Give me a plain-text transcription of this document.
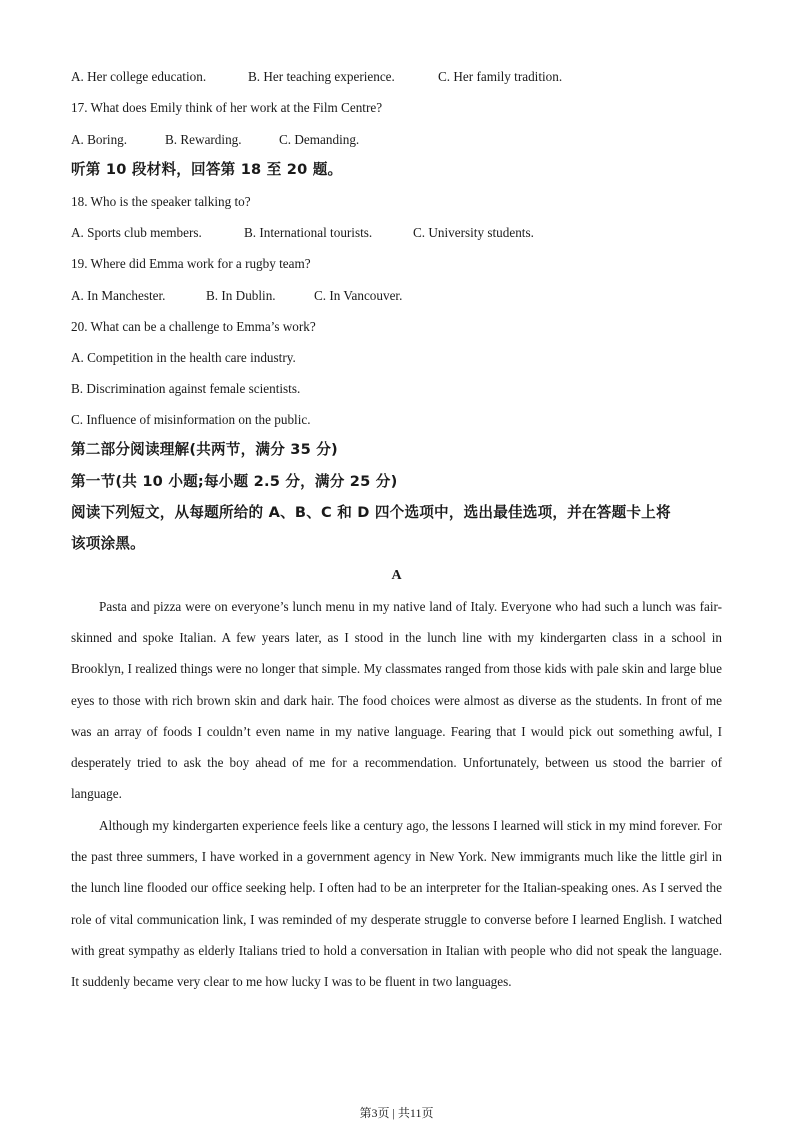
A. Her college education.	B. Her teaching experience.	C. Her family tradition.
17. What does Emily think of her work at the Film Centre?
A. Boring.	B. Rewarding.	C. Demanding.
听第 10 段材料，回答第 18 至 20 题。
18. Who is the speaker talking to?
A. Sports club members.	B. International tourists.	C. University students.
19. Where did Emma work for a rugby team?
A. In Manchester.	B. In Dublin.	C. In Vancouver.
20. What can be a challenge to Emma’s work?
A. Competition in the health care industry.
B. Discrimination against female scientists.
C. Influence of misinformation on the public.
第二部分阅读理解(共两节，满分 35 分)
第一节(共 10 小题;每小题 2.5 分，满分 25 分)
阅读下列短文，从每题所给的 A、B、C 和 D 四个选项中，选出最佳选项，并在答题卡上将
该项涂黑。
A
Pasta and pizza were on everyone’s lunch menu in my native land of Italy. Everyone who had such a lunch was fair-skinned and spoke Italian. A few years later, as I stood in the lunch line with my kindergarten class in a school in Brooklyn, I realized things were no longer that simple. My classmates ranged from those kids with pale skin and large blue eyes to those with rich brown skin and dark hair. The food choices were almost as diverse as the students. In front of me was an array of foods I couldn’t even name in my native language. Fearing that I would pick out something awful, I desperately tried to ask the boy ahead of me for a recommendation. Unfortunately, between us stood the barrier of language.
Although my kindergarten experience feels like a century ago, the lessons I learned will stick in my mind forever. For the past three summers, I have worked in a government agency in New York. New immigrants much like the little girl in the lunch line flooded our office seeking help. I often had to be an interpreter for the Italian-speaking ones. As I served the role of vital communication link, I was reminded of my desperate struggle to converse before I learned English. I watched with great sympathy as elderly Italians tried to hold a conversation in Italian with people who did not speak the language. It suddenly became very clear to me how lucky I was to be fluent in two languages.
第3页 | 共11页
